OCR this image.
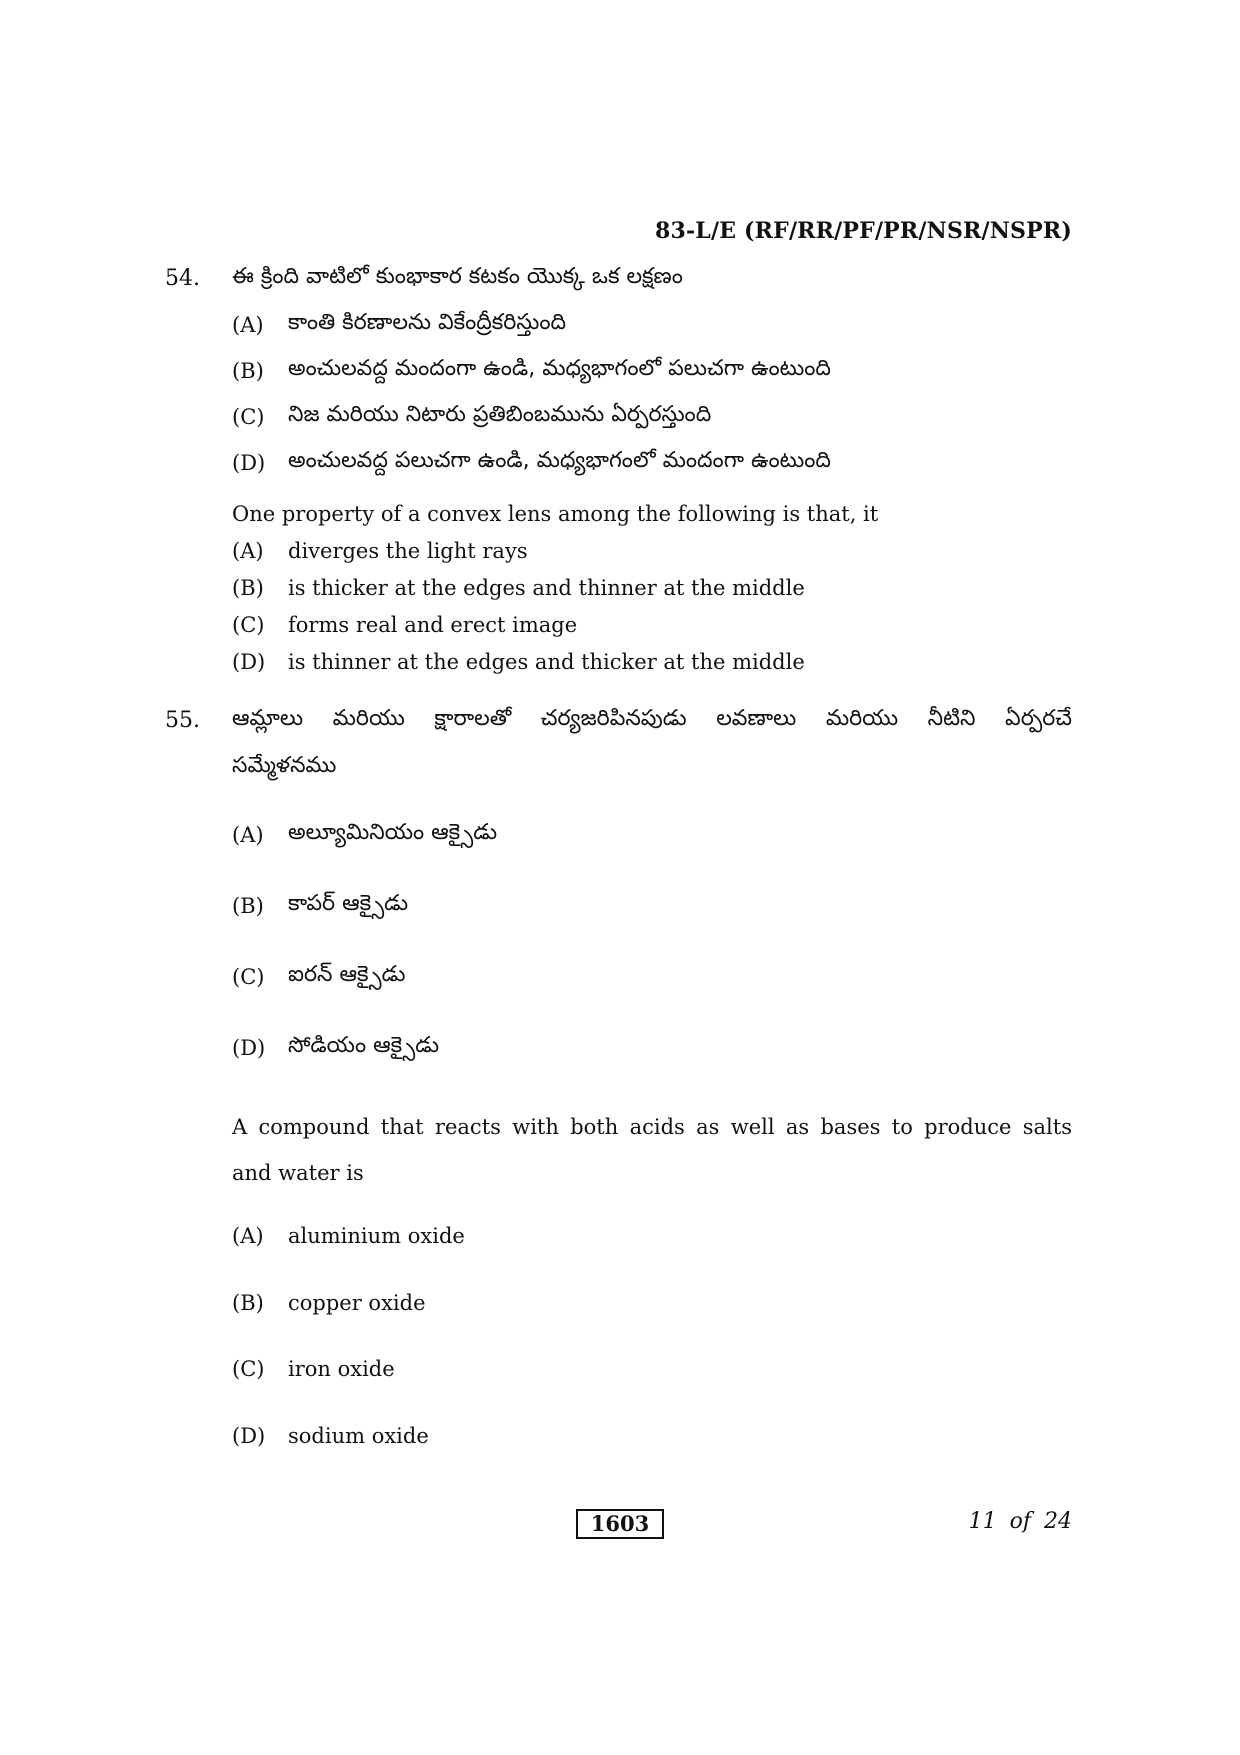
83-L/E (RF/RR/PF/PR/NSR/NSPR)
54. ఈ క్రింది వాటిలో కుంభాకార కటకం యొక్క ఒక లక్షణం
(A)	కాంతి కిరణాలను వికేంద్రీకరిస్తుంది
(B)	అంచులవద్ద మందంగా ఉండి, మధ్యభాగంలో పలుచగా ఉంటుంది
(C)	నిజ మరియు నిటారు ప్రతిబింబమును ఏర్పరస్తుంది
(D)	అంచులవద్ద పలుచగా ఉండి, మధ్యభాగంలో మందంగా ఉంటుంది
One property of a convex lens among the following is that, it
(A)	diverges the light rays
(B)	is thicker at the edges and thinner at the middle
(C)	forms real and erect image
(D)	is thinner at the edges and thicker at the middle
55. ఆమ్లాలు మరియు క్షారాలతో చర్యజరిపినపుడు లవణాలు మరియు నీటిని ఏర్పరచే
సమ్మేళనము
(A)	అల్యూమినియం ఆక్సైడు
(B)	కాపర్ ఆక్సైడు
(C)	ఐరన్ ఆక్సైడు
(D)	సోడియం ఆక్సైడు
A compound that reacts with both acids as well as bases to produce salts
and water is
(A)	aluminium oxide
(B)	copper oxide
(C)	iron oxide
(D)	sodium oxide
1603	11 of 24
